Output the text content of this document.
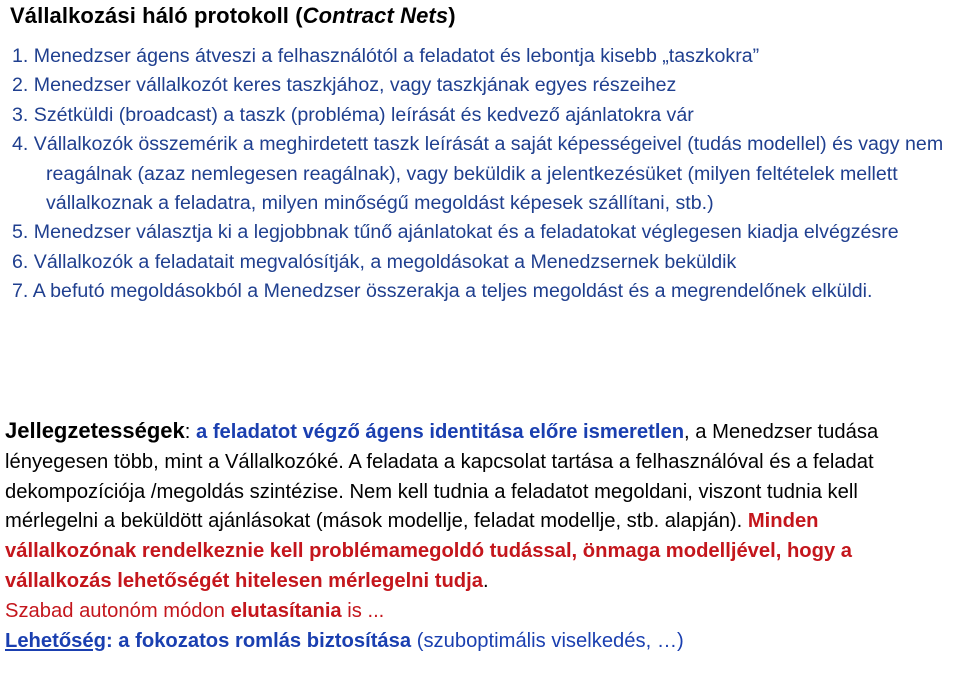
Vállalkozási háló protokoll (Contract Nets)
1. Menedzser ágens átveszi a felhasználótól a feladatot és lebontja kisebb „taszkokra”
2. Menedzser vállalkozót keres taszkjához, vagy taszkjának egyes részeihez
3. Szétküldi (broadcast) a taszk (probléma) leírását és kedvező ajánlatokra vár
4. Vállalkozók összemérik a meghirdetett taszk leírását a saját képességeivel (tudás modellel) és vagy nem reagálnak (azaz nemlegesen reagálnak), vagy beküldik a jelentkezésüket (milyen feltételek mellett vállalkoznak a feladatra, milyen minőségű megoldást képesek szállítani, stb.)
5. Menedzser választja ki a legjobbnak tűnő ajánlatokat és a feladatokat véglegesen kiadja elvégzésre
6. Vállalkozók a feladatait megvalósítják, a megoldásokat a Menedzsernek beküldik
7. A befutó megoldásokból a Menedzser összerakja a teljes megoldást és a megrendelőnek elküldi.

Jellegzetességek: a feladatot végző ágens identitása előre ismeretlen, a Menedzser tudása lényegesen több, mint a Vállalkozóké. A feladata a kapcsolat tartása a felhasználóval és a feladat dekompozíciója /megoldás szintézise. Nem kell tudnia a feladatot megoldani, viszont tudnia kell mérlegelni a beküldött ajánlásokat (mások modellje, feladat modellje, stb. alapján). Minden vállalkozónak rendelkeznie kell problémamegoldó tudással, önmaga modelljével, hogy a vállalkozás lehetőségét hitelesen mérlegelni tudja.

Szabad autonóm módon elutasítania is ...

Lehetőség: a fokozatos romlás biztosítása (szuboptimális viselkedés, …)
